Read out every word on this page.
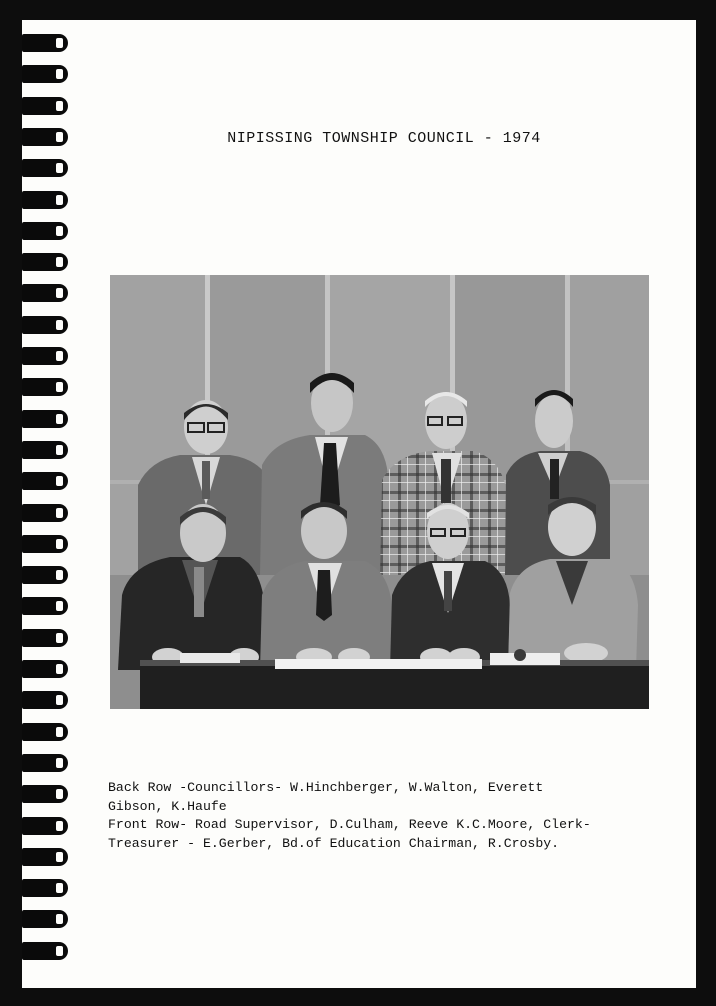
NIPISSING TOWNSHIP COUNCIL - 1974
Back Row -Councillors- W.Hinchberger, W.Walton, Everett
Gibson, K.Haufe
Front Row- Road Supervisor, D.Culham, Reeve K.C.Moore, Clerk-
Treasurer - E.Gerber, Bd.of Education Chairman, R.Crosby.
